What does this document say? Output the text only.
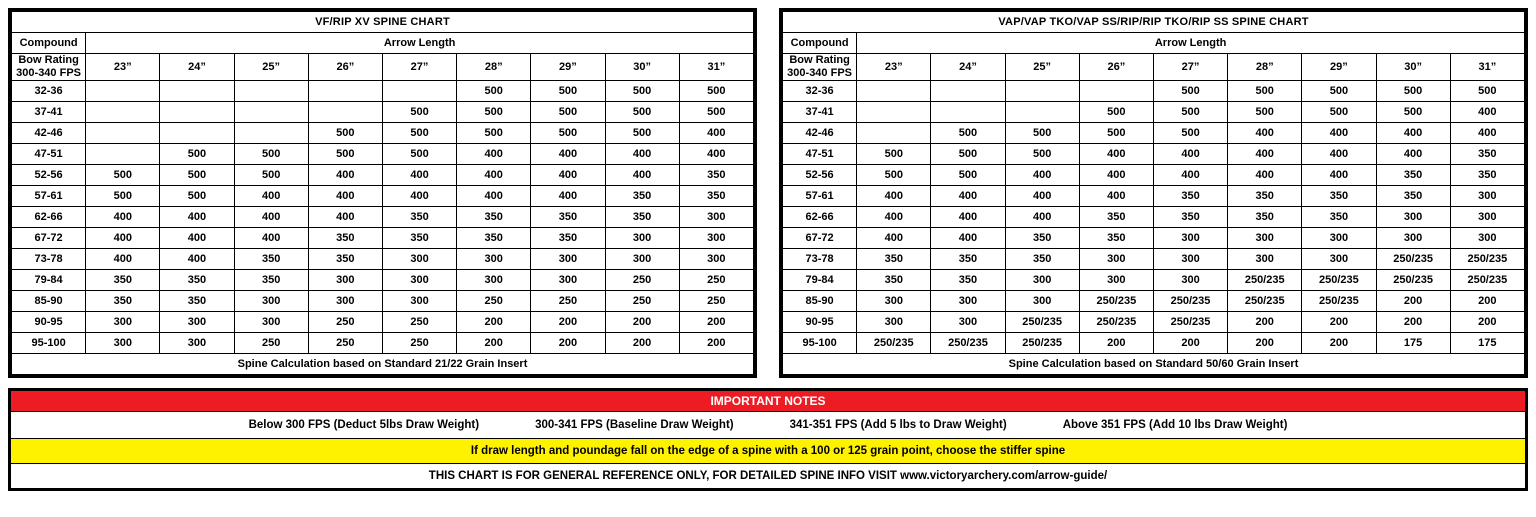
VF/RIP XV SPINE CHART									
Compound	Arrow Length								

Bow Rating
300-340 FPS	23”	24”	25”	26”	27”	28”	29”	30”	31”
32-36						500	500	500	500
37-41					500	500	500	500	500
42-46				500	500	500	500	500	400
47-51		500	500	500	500	400	400	400	400
52-56	500	500	500	400	400	400	400	400	350
57-61	500	500	400	400	400	400	400	350	350
62-66	400	400	400	400	350	350	350	350	300
67-72	400	400	400	350	350	350	350	300	300
73-78	400	400	350	350	300	300	300	300	300
79-84	350	350	350	300	300	300	300	250	250
85-90	350	350	300	300	300	250	250	250	250
90-95	300	300	300	250	250	200	200	200	200
95-100	300	300	250	250	250	200	200	200	200
Spine Calculation based on Standard 21/22 Grain Insert									
VAP/VAP TKO/VAP SS/RIP/RIP TKO/RIP SS SPINE CHART									
Compound	Arrow Length								

Bow Rating
300-340 FPS	23”	24”	25”	26”	27”	28”	29”	30”	31”
32-36					500	500	500	500	500
37-41				500	500	500	500	500	400
42-46		500	500	500	500	400	400	400	400
47-51	500	500	500	400	400	400	400	400	350
52-56	500	500	400	400	400	400	400	350	350
57-61	400	400	400	400	350	350	350	350	300
62-66	400	400	400	350	350	350	350	300	300
67-72	400	400	350	350	300	300	300	300	300
73-78	350	350	350	300	300	300	300	250/235	250/235
79-84	350	350	300	300	300	250/235	250/235	250/235	250/235
85-90	300	300	300	250/235	250/235	250/235	250/235	200	200
90-95	300	300	250/235	250/235	250/235	200	200	200	200
95-100	250/235	250/235	250/235	200	200	200	200	175	175
Spine Calculation based on Standard 50/60 Grain Insert									
IMPORTANT NOTES
Below 300 FPS (Deduct 5lbs Draw Weight)	300-341 FPS (Baseline Draw Weight)	341-351 FPS (Add 5 lbs to Draw Weight)	Above 351 FPS (Add 10 lbs Draw Weight)
If draw length and poundage fall on the edge of a spine with a 100 or 125 grain point, choose the stiffer spine
THIS CHART IS FOR GENERAL REFERENCE ONLY, FOR DETAILED SPINE INFO VISIT www.victoryarchery.com/arrow-guide/
